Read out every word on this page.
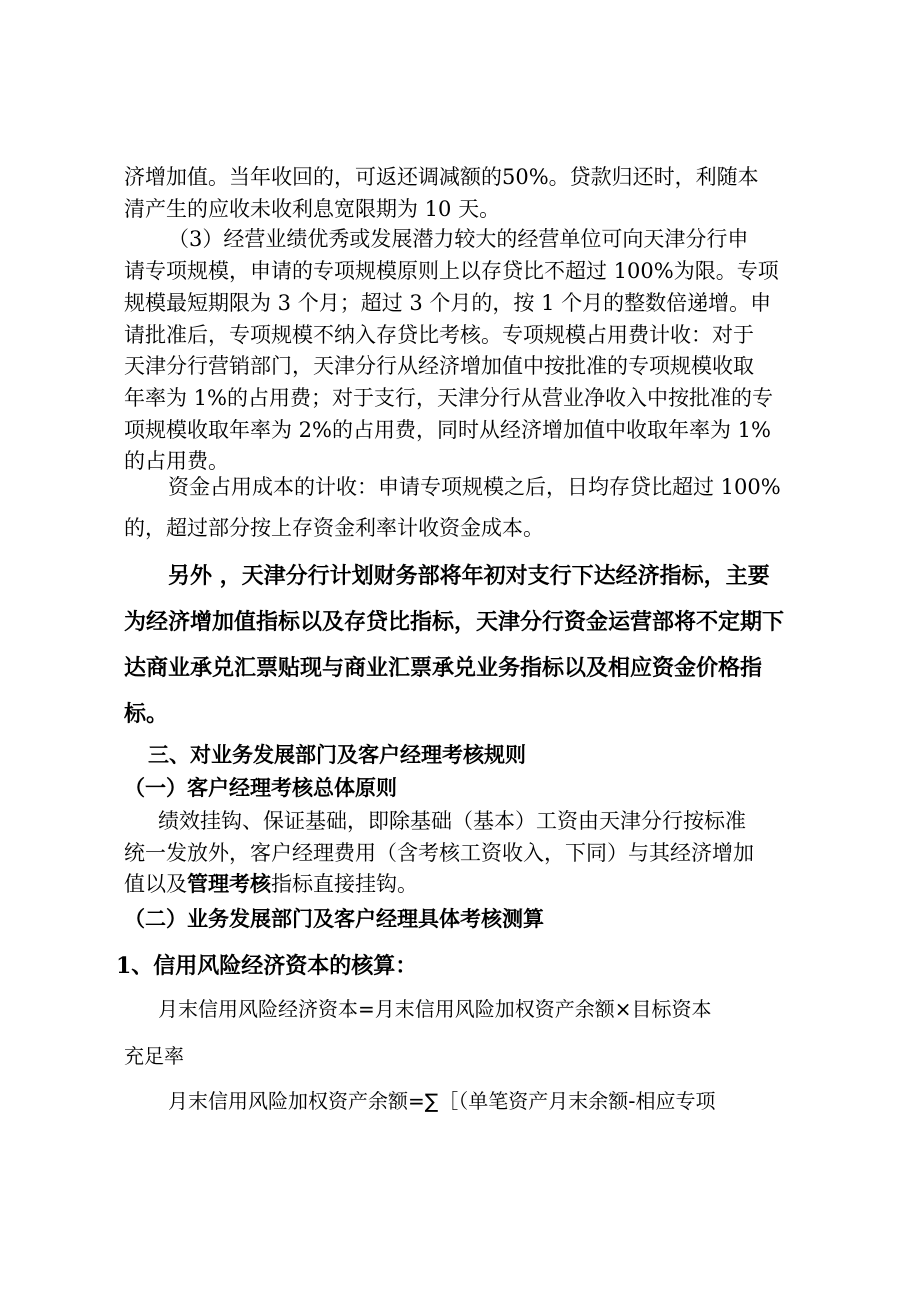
济增加值。当年收回的，可返还调减额的50%。贷款归还时，利随本
清产生的应收未收利息宽限期为 10 天。
（3）经营业绩优秀或发展潜力较大的经营单位可向天津分行申
请专项规模，申请的专项规模原则上以存贷比不超过 100%为限。专项
规模最短期限为 3 个月；超过 3 个月的，按 1 个月的整数倍递增。申
请批准后，专项规模不纳入存贷比考核。专项规模占用费计收：对于
天津分行营销部门，天津分行从经济增加值中按批准的专项规模收取
年率为 1%的占用费；对于支行，天津分行从营业净收入中按批准的专
项规模收取年率为 2%的占用费，同时从经济增加值中收取年率为 1%
的占用费。
资金占用成本的计收：申请专项规模之后，日均存贷比超过 100%
的，超过部分按上存资金利率计收资金成本。
另外 ，天津分行计划财务部将年初对支行下达经济指标，主要
为经济增加值指标以及存贷比指标，天津分行资金运营部将不定期下
达商业承兑汇票贴现与商业汇票承兑业务指标以及相应资金价格指
标。
三、对业务发展部门及客户经理考核规则
（一）客户经理考核总体原则
绩效挂钩、保证基础，即除基础（基本）工资由天津分行按标准
统一发放外，客户经理费用（含考核工资收入，下同）与其经济增加
值以及管理考核指标直接挂钩。
（二）业务发展部门及客户经理具体考核测算
1、信用风险经济资本的核算：
月末信用风险经济资本=月末信用风险加权资产余额×目标资本
充足率
月末信用风险加权资产余额=∑［（单笔资产月末余额-相应专项
